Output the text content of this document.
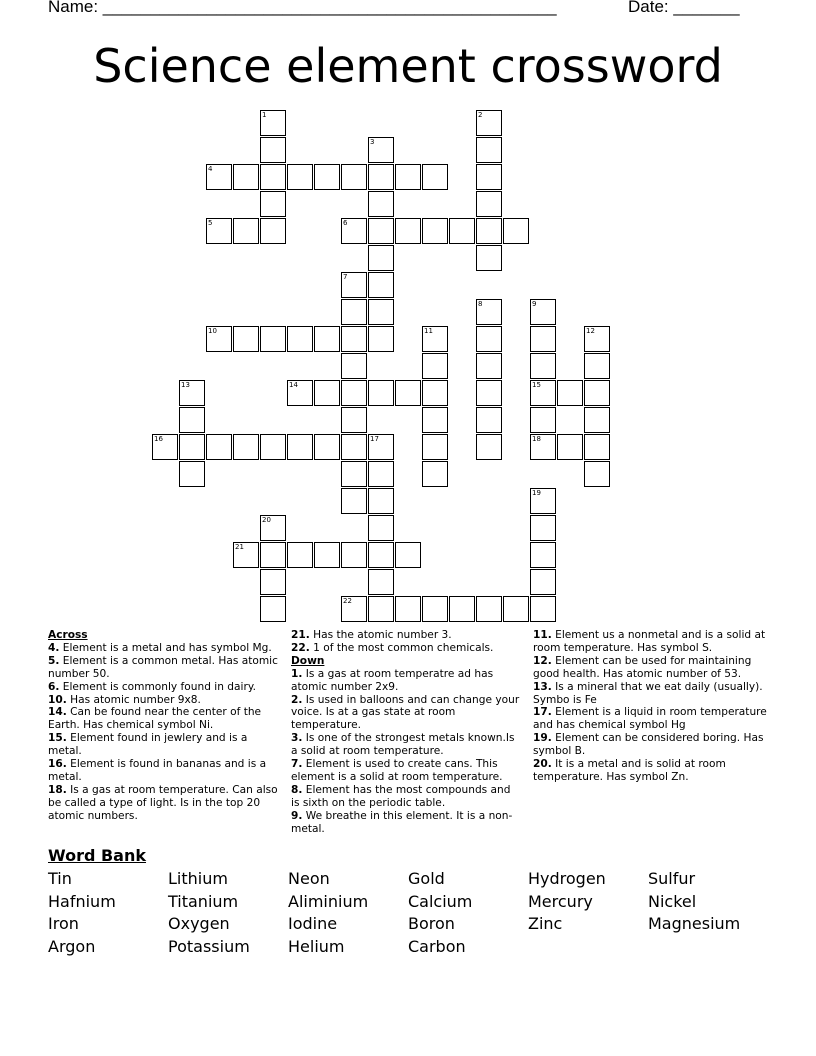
Name: ________________________________________________	Date: _______
Science element crossword
1	2
3
4
5	6
7
8	9
10	11	12
13	14	15
16	17	18
19
20
21
22

Across

4. Element is a metal and has symbol Mg.

5. Element is a common metal. Has atomic number 50.

6. Element is commonly found in dairy.

10. Has atomic number 9x8.

14. Can be found near the center of the Earth. Has chemical symbol Ni.

15. Element found in jewlery and is a metal.

16. Element is found in bananas and is a metal.

18. Is a gas at room temperature. Can also be called a type of light. Is in the top 20 atomic numbers.

21. Has the atomic number 3.

22. 1 of the most common chemicals.

Down

1. Is a gas at room temperatre ad has atomic number 2x9.

2. Is used in balloons and can change your voice. Is at a gas state at room temperature.

3. Is one of the strongest metals known.Is a solid at room temperature.

7. Element is used to create cans. This element is a solid at room temperature.

8. Element has the most compounds and is sixth on the periodic table.

9. We breathe in this element. It is a non-metal.

11. Element us a nonmetal and is a solid at room temperature. Has symbol S.

12. Element can be used for maintaining good health. Has atomic number of 53.

13. Is a mineral that we eat daily (usually). Symbo is Fe

17. Element is a liquid in room temperature and has chemical symbol Hg

19. Element can be considered boring. Has symbol B.

20. It is a metal and is solid at room temperature. Has symbol Zn.

Word Bank
Tin	Lithium	Neon	Gold	Hydrogen	Sulfur
Hafnium	Titanium	Aliminium	Calcium	Mercury	Nickel
Iron	Oxygen	Iodine	Boron	Zinc	Magnesium
Argon	Potassium	Helium	Carbon
